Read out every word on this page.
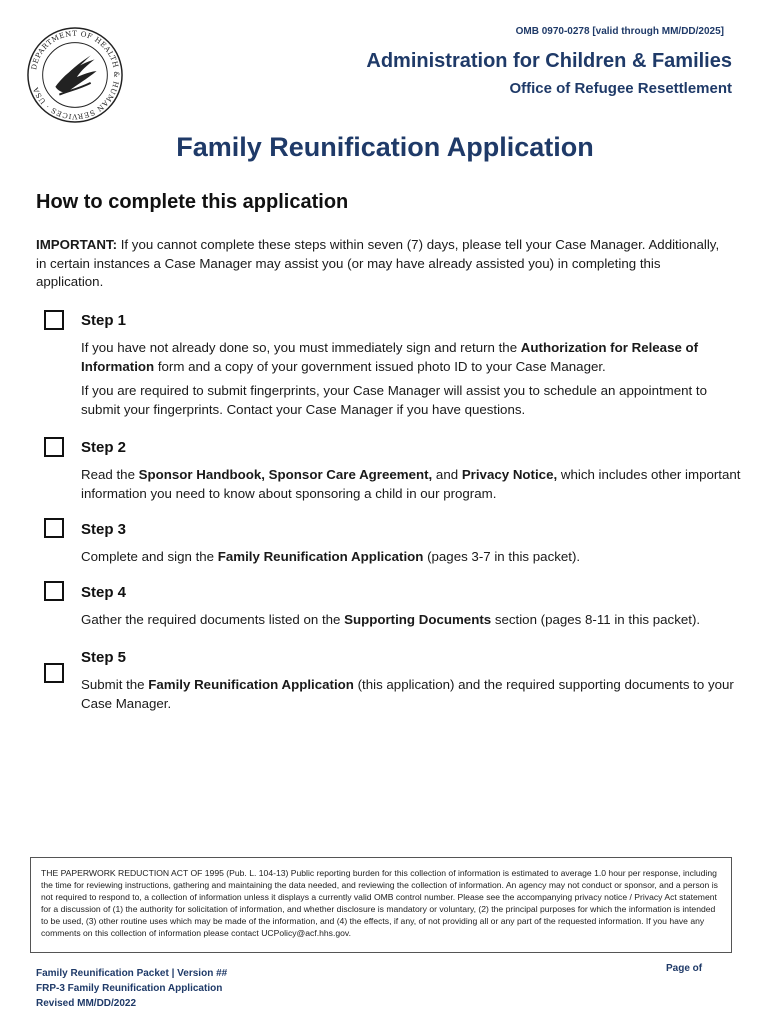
DEPARTMENT OF HEALTH & HUMAN SERVICES · USA
OMB 0970-0278 [valid through MM/DD/2025]
Administration for Children & Families
Office of Refugee Resettlement
Family Reunification Application
How to complete this application
IMPORTANT: If you cannot complete these steps within seven (7) days, please tell your Case Manager. Additionally, in certain instances a Case Manager may assist you (or may have already assisted you) in completing this application.
Step 1

If you have not already done so, you must immediately sign and return the Authorization for Release of Information form and a copy of your government issued photo ID to your Case Manager.

If you are required to submit fingerprints, your Case Manager will assist you to schedule an appointment to submit your fingerprints. Contact your Case Manager if you have questions.

Step 2

Read the Sponsor Handbook, Sponsor Care Agreement, and Privacy Notice, which includes other important information you need to know about sponsoring a child in our program.

Step 3

Complete and sign the Family Reunification Application (pages 3-7 in this packet).

Step 4

Gather the required documents listed on the Supporting Documents section (pages 8-11 in this packet).

Step 5

Submit the Family Reunification Application (this application) and the required supporting documents to your Case Manager.

THE PAPERWORK REDUCTION ACT OF 1995 (Pub. L. 104-13) Public reporting burden for this collection of information is estimated to average 1.0 hour per response, including the time for reviewing instructions, gathering and maintaining the data needed, and reviewing the collection of information. An agency may not conduct or sponsor, and a person is not required to respond to, a collection of information unless it displays a currently valid OMB control number. Please see the accompanying privacy notice / Privacy Act statement for a discussion of (1) the authority for solicitation of information, and whether disclosure is mandatory or voluntary, (2) the principal purposes for which the information is intended to be used, (3) other routine uses which may be made of the information, and (4) the effects, if any, of not providing all or any part of the requested information. If you have any comments on this collection of information please contact UCPolicy@acf.hhs.gov.
Family Reunification Packet | Version ##
FRP-3 Family Reunification Application
Revised MM/DD/2022
Page of
